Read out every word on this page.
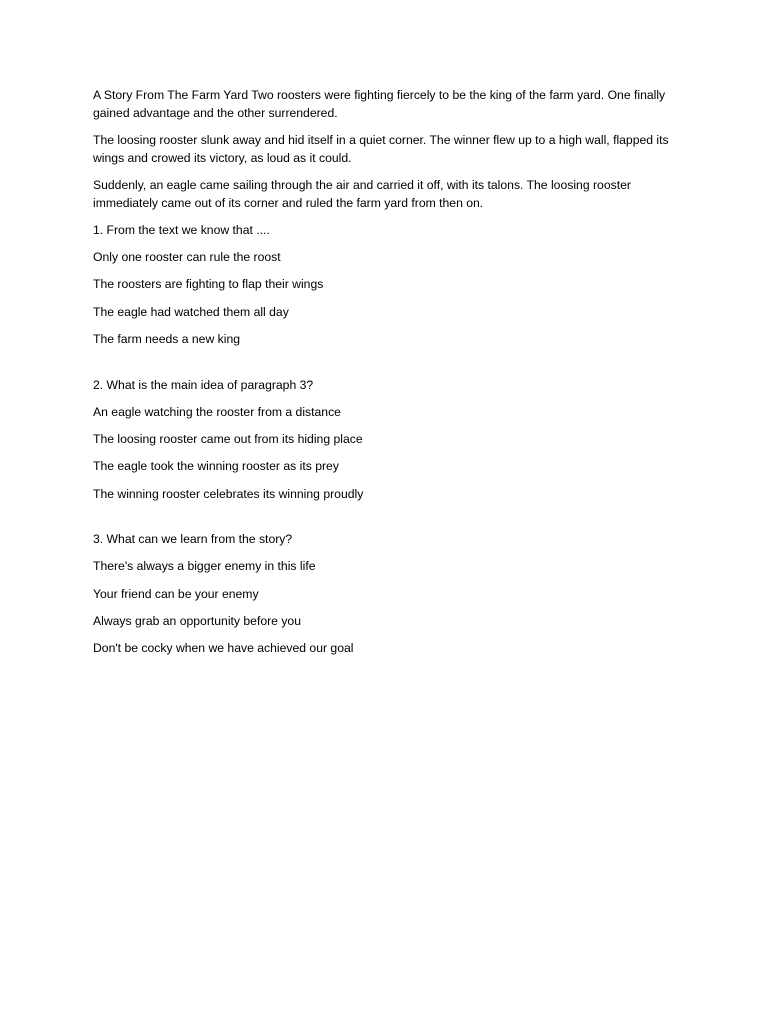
A Story From The Farm Yard Two roosters were fighting fiercely to be the king of the farm yard. One finally gained advantage and the other surrendered.

The loosing rooster slunk away and hid itself in a quiet corner. The winner flew up to a high wall, flapped its wings and crowed its victory, as loud as it could.

Suddenly, an eagle came sailing through the air and carried it off, with its talons. The loosing rooster immediately came out of its corner and ruled the farm yard from then on.

1. From the text we know that ....

Only one rooster can rule the roost

The roosters are fighting to flap their wings

The eagle had watched them all day

The farm needs a new king

2. What is the main idea of paragraph 3?

An eagle watching the rooster from a distance

The loosing rooster came out from its hiding place

The eagle took the winning rooster as its prey

The winning rooster celebrates its winning proudly

3. What can we learn from the story?

There's always a bigger enemy in this life

Your friend can be your enemy

Always grab an opportunity before you

Don't be cocky when we have achieved our goal
